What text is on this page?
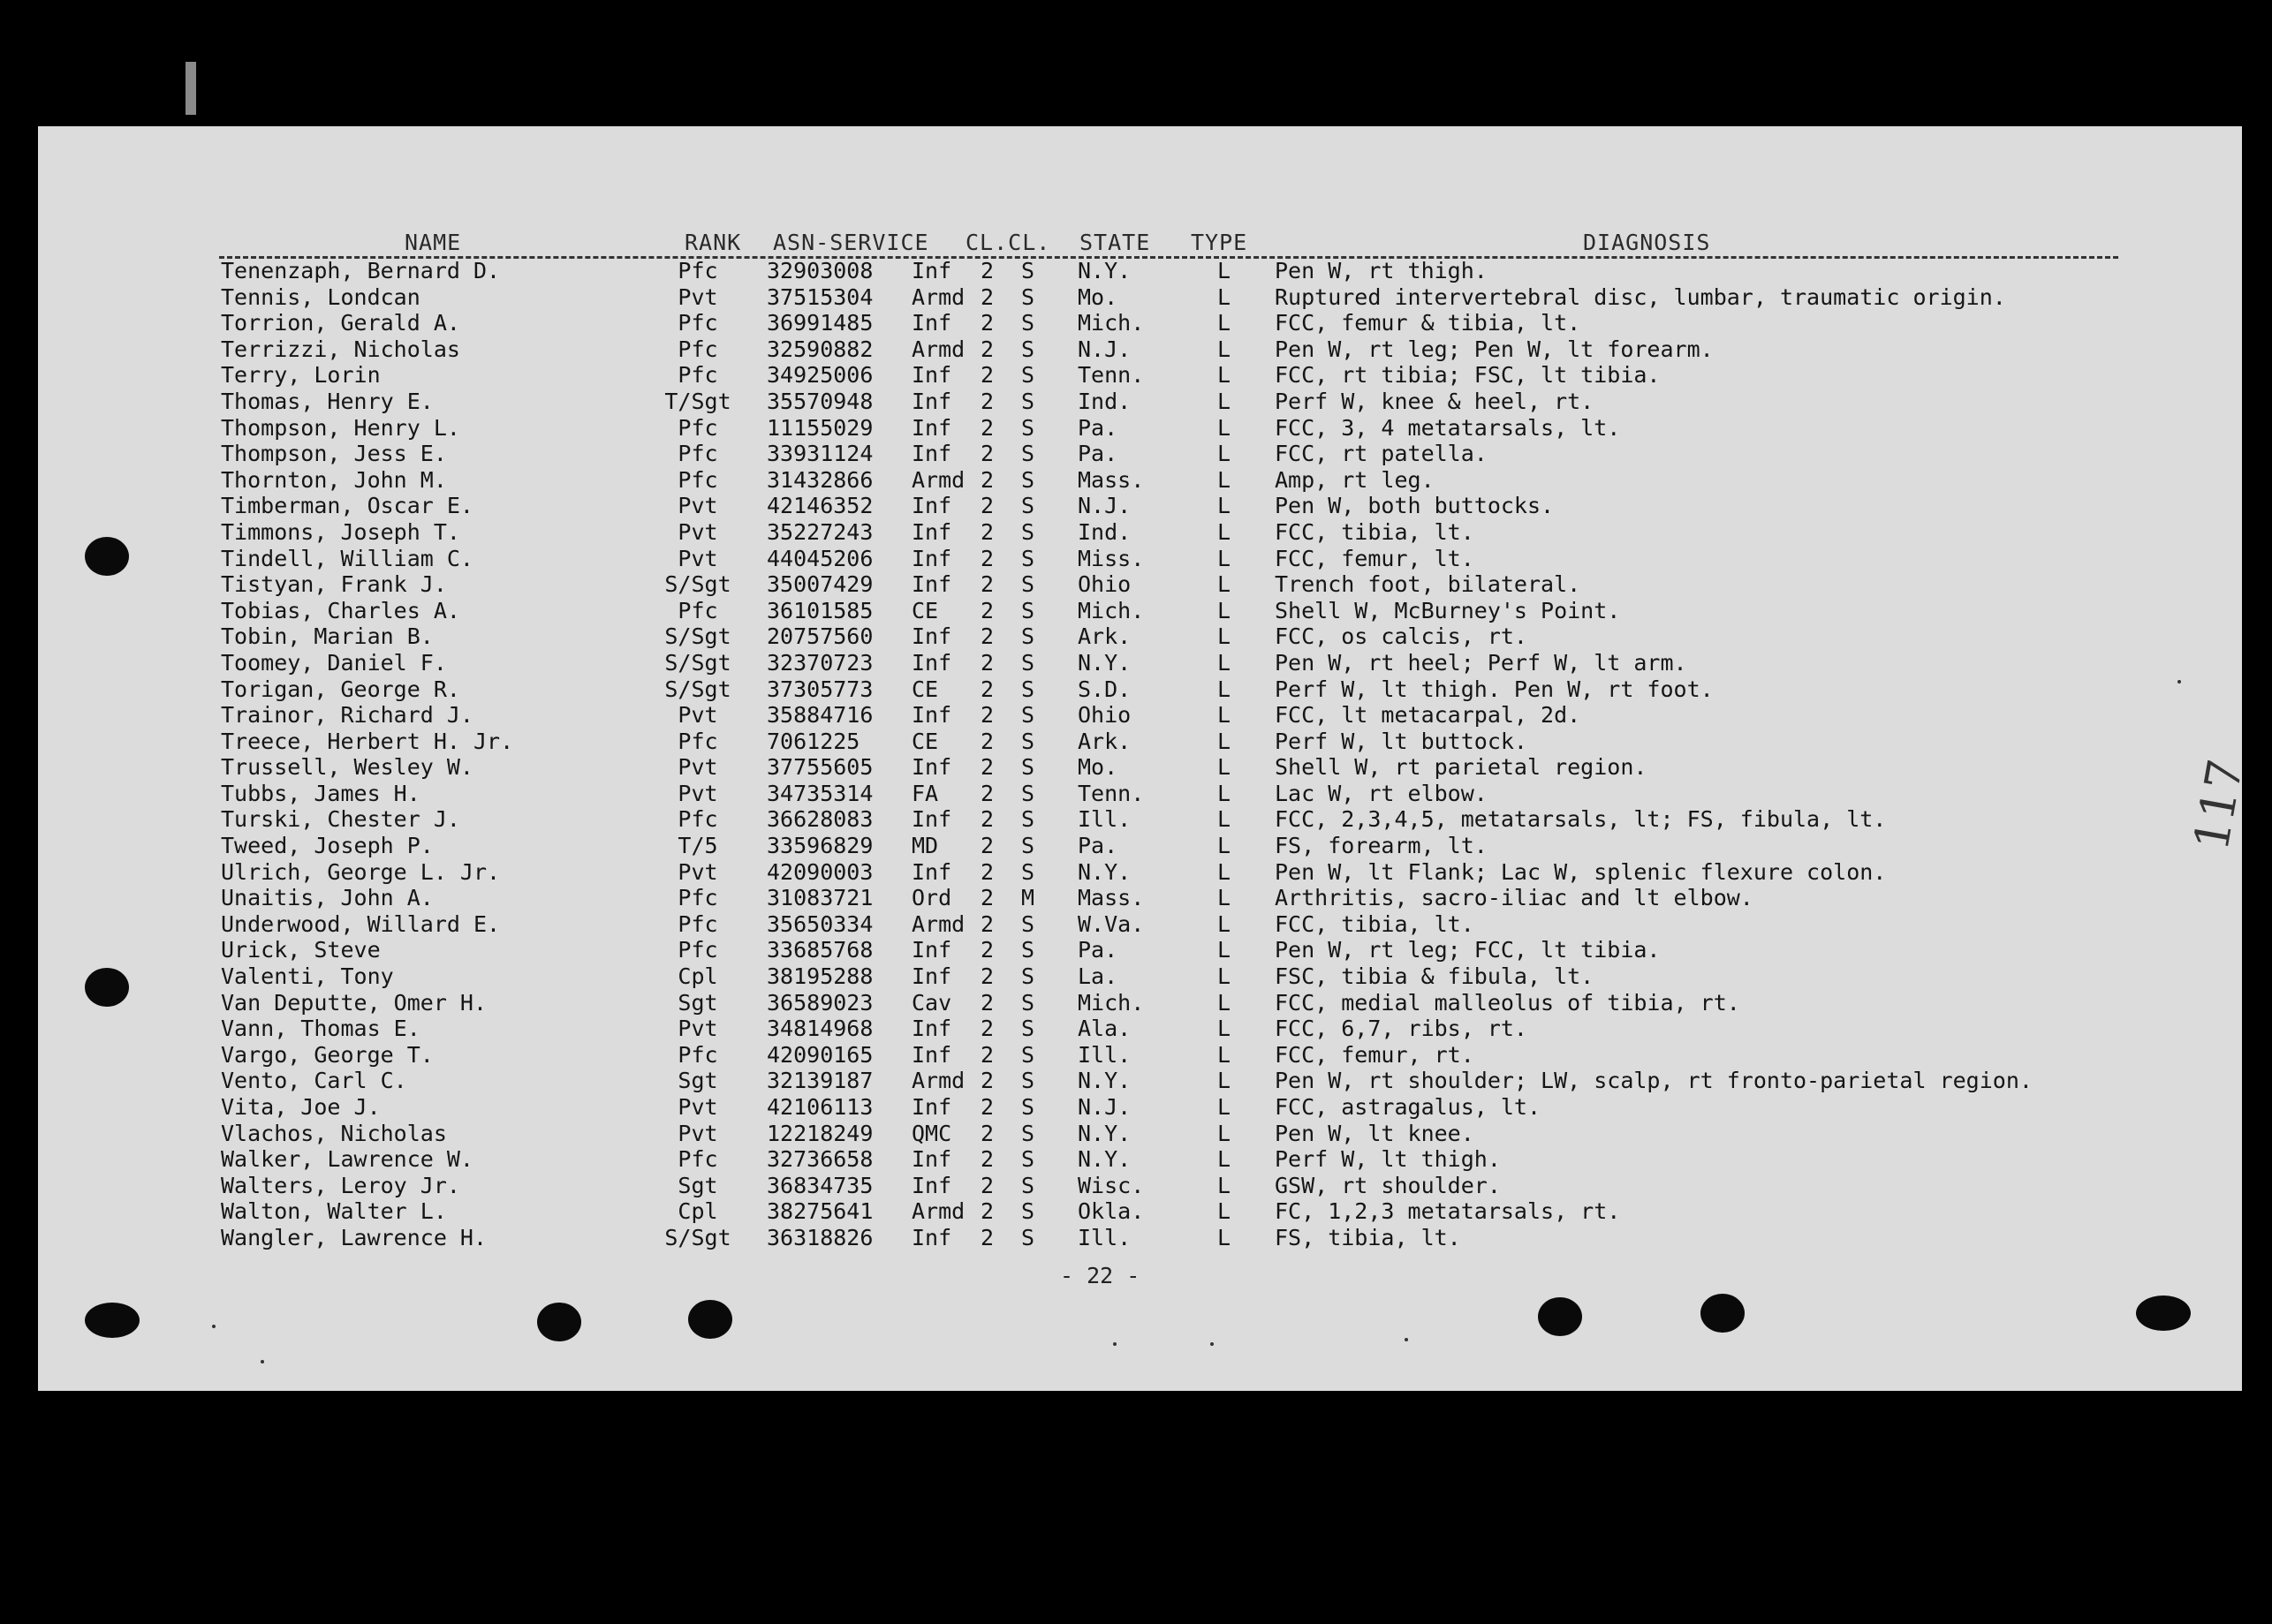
NAME	RANK ASN-SERVICE CL.CL. STATE TYPE	DIAGNOSIS
Tenenzaph, Bernard D.	Pfc	32903008 Inf 2 S N.Y.	L Pen W, rt thigh.
Tennis, Londcan	Pvt	37515304 Armd 2 S Mo.	L Ruptured intervertebral disc, lumbar, traumatic origin.
Torrion, Gerald A.	Pfc	36991485 Inf 2 S Mich.	L FCC, femur & tibia, lt.
Terrizzi, Nicholas	Pfc	32590882 Armd 2 S N.J.	L Pen W, rt leg; Pen W, lt forearm.
Terry, Lorin	Pfc	34925006 Inf 2 S Tenn.	L FCC, rt tibia; FSC, lt tibia.
Thomas, Henry E.	T/Sgt	35570948 Inf 2 S Ind.	L Perf W, knee & heel, rt.
Thompson, Henry L.	Pfc	11155029 Inf 2 S Pa.	L FCC, 3, 4 metatarsals, lt.
Thompson, Jess E.	Pfc	33931124 Inf 2 S Pa.	L FCC, rt patella.
Thornton, John M.	Pfc	31432866 Armd 2 S Mass.	L Amp, rt leg.
Timberman, Oscar E.	Pvt	42146352 Inf 2 S N.J.	L Pen W, both buttocks.
Timmons, Joseph T.	Pvt	35227243 Inf 2 S Ind.	L FCC, tibia, lt.
Tindell, William C.	Pvt	44045206 Inf 2 S Miss.	L FCC, femur, lt.
Tistyan, Frank J.	S/Sgt	35007429 Inf 2 S Ohio	L Trench foot, bilateral.
Tobias, Charles A.	Pfc	36101585 CE 2 S Mich.	L Shell W, McBurney's Point.
Tobin, Marian B.	S/Sgt	20757560 Inf 2 S Ark.	L FCC, os calcis, rt.
Toomey, Daniel F.	S/Sgt	32370723 Inf 2 S N.Y.	L Pen W, rt heel; Perf W, lt arm.
Torigan, George R.	S/Sgt	37305773 CE 2 S S.D.	L Perf W, lt thigh. Pen W, rt foot.
Trainor, Richard J.	Pvt	35884716 Inf 2 S Ohio	L FCC, lt metacarpal, 2d.
Treece, Herbert H. Jr.	Pfc	7061225 CE 2 S Ark.	L Perf W, lt buttock.
Trussell, Wesley W.	Pvt	37755605 Inf 2 S Mo.	L Shell W, rt parietal region.
Tubbs, James H.	Pvt	34735314 FA 2 S Tenn.	L Lac W, rt elbow.
Turski, Chester J.	Pfc	36628083 Inf 2 S Ill.	L FCC, 2,3,4,5, metatarsals, lt; FS, fibula, lt.
Tweed, Joseph P.	T/5	33596829 MD 2 S Pa.	L FS, forearm, lt.
Ulrich, George L. Jr.	Pvt	42090003 Inf 2 S N.Y.	L Pen W, lt Flank; Lac W, splenic flexure colon.
Unaitis, John A.	Pfc	31083721 Ord 2 M Mass.	L Arthritis, sacro-iliac and lt elbow.
Underwood, Willard E.	Pfc	35650334 Armd 2 S W.Va.	L FCC, tibia, lt.
Urick, Steve	Pfc	33685768 Inf 2 S Pa.	L Pen W, rt leg; FCC, lt tibia.
Valenti, Tony	Cpl	38195288 Inf 2 S La.	L FSC, tibia & fibula, lt.
Van Deputte, Omer H.	Sgt	36589023 Cav 2 S Mich.	L FCC, medial malleolus of tibia, rt.
Vann, Thomas E.	Pvt	34814968 Inf 2 S Ala.	L FCC, 6,7, ribs, rt.
Vargo, George T.	Pfc	42090165 Inf 2 S Ill.	L FCC, femur, rt.
Vento, Carl C.	Sgt	32139187 Armd 2 S N.Y.	L Pen W, rt shoulder; LW, scalp, rt fronto-parietal region.
Vita, Joe J.	Pvt	42106113 Inf 2 S N.J.	L FCC, astragalus, lt.
Vlachos, Nicholas	Pvt	12218249 QMC 2 S N.Y.	L Pen W, lt knee.
Walker, Lawrence W.	Pfc	32736658 Inf 2 S N.Y.	L Perf W, lt thigh.
Walters, Leroy Jr.	Sgt	36834735 Inf 2 S Wisc.	L GSW, rt shoulder.
Walton, Walter L.	Cpl	38275641 Armd 2 S Okla.	L FC, 1,2,3 metatarsals, rt.
Wangler, Lawrence H.	S/Sgt	36318826 Inf 2 S Ill.	L FS, tibia, lt.
- 22 -
117
